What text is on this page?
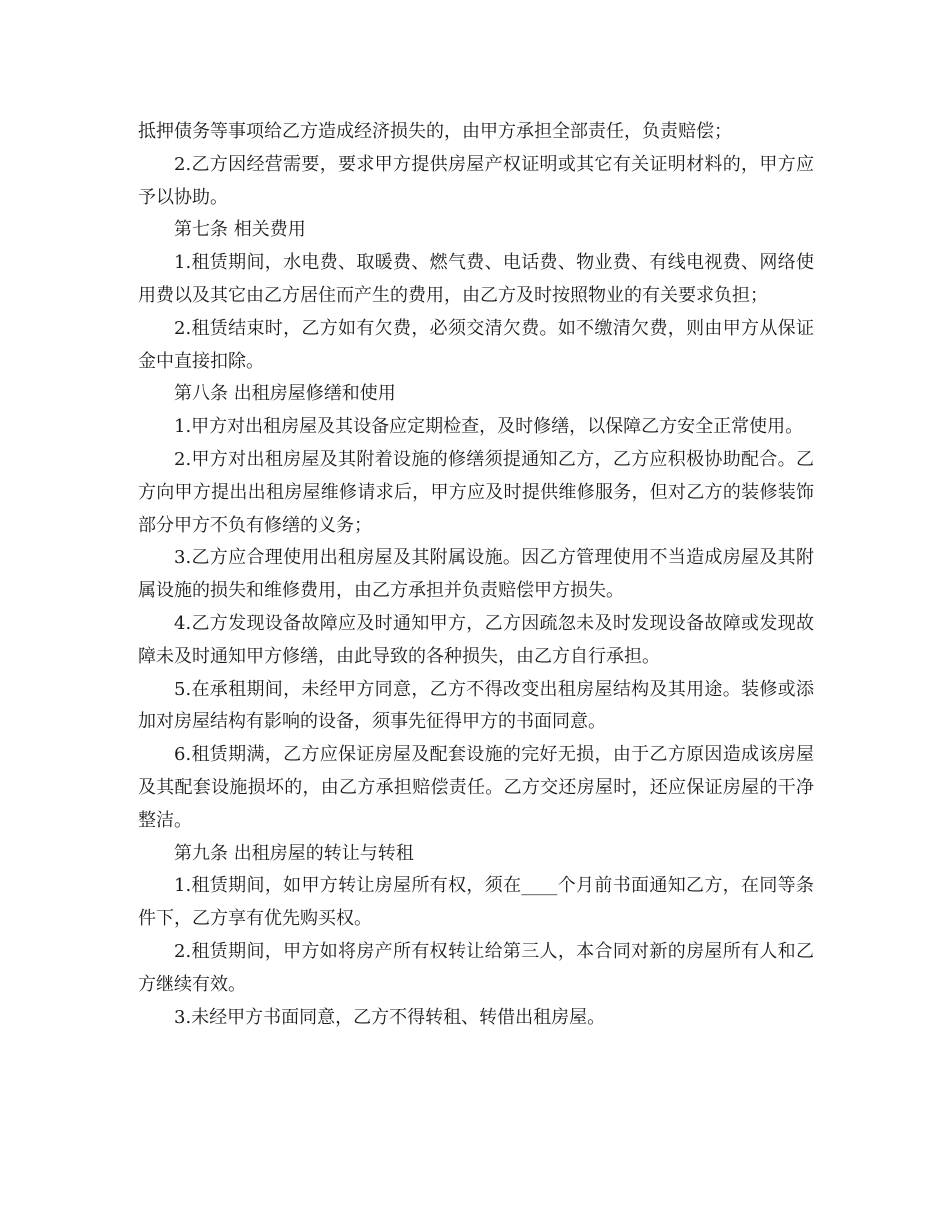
抵押债务等事项给乙方造成经济损失的，由甲方承担全部责任，负责赔偿；

2.乙方因经营需要，要求甲方提供房屋产权证明或其它有关证明材料的，甲方应予以协助。

第七条 相关费用

1.租赁期间，水电费、取暖费、燃气费、电话费、物业费、有线电视费、网络使用费以及其它由乙方居住而产生的费用，由乙方及时按照物业的有关要求负担；

2.租赁结束时，乙方如有欠费，必须交清欠费。如不缴清欠费，则由甲方从保证金中直接扣除。

第八条 出租房屋修缮和使用

1.甲方对出租房屋及其设备应定期检查，及时修缮，以保障乙方安全正常使用。

2.甲方对出租房屋及其附着设施的修缮须提通知乙方，乙方应积极协助配合。乙方向甲方提出出租房屋维修请求后，甲方应及时提供维修服务，但对乙方的装修装饰部分甲方不负有修缮的义务；

3.乙方应合理使用出租房屋及其附属设施。因乙方管理使用不当造成房屋及其附属设施的损失和维修费用，由乙方承担并负责赔偿甲方损失。

4.乙方发现设备故障应及时通知甲方，乙方因疏忽未及时发现设备故障或发现故障未及时通知甲方修缮，由此导致的各种损失，由乙方自行承担。

5.在承租期间，未经甲方同意，乙方不得改变出租房屋结构及其用途。装修或添加对房屋结构有影响的设备，须事先征得甲方的书面同意。

6.租赁期满，乙方应保证房屋及配套设施的完好无损，由于乙方原因造成该房屋及其配套设施损坏的，由乙方承担赔偿责任。乙方交还房屋时，还应保证房屋的干净整洁。

第九条 出租房屋的转让与转租

1.租赁期间，如甲方转让房屋所有权，须在____个月前书面通知乙方，在同等条件下，乙方享有优先购买权。

2.租赁期间，甲方如将房产所有权转让给第三人，本合同对新的房屋所有人和乙方继续有效。

3.未经甲方书面同意，乙方不得转租、转借出租房屋。
